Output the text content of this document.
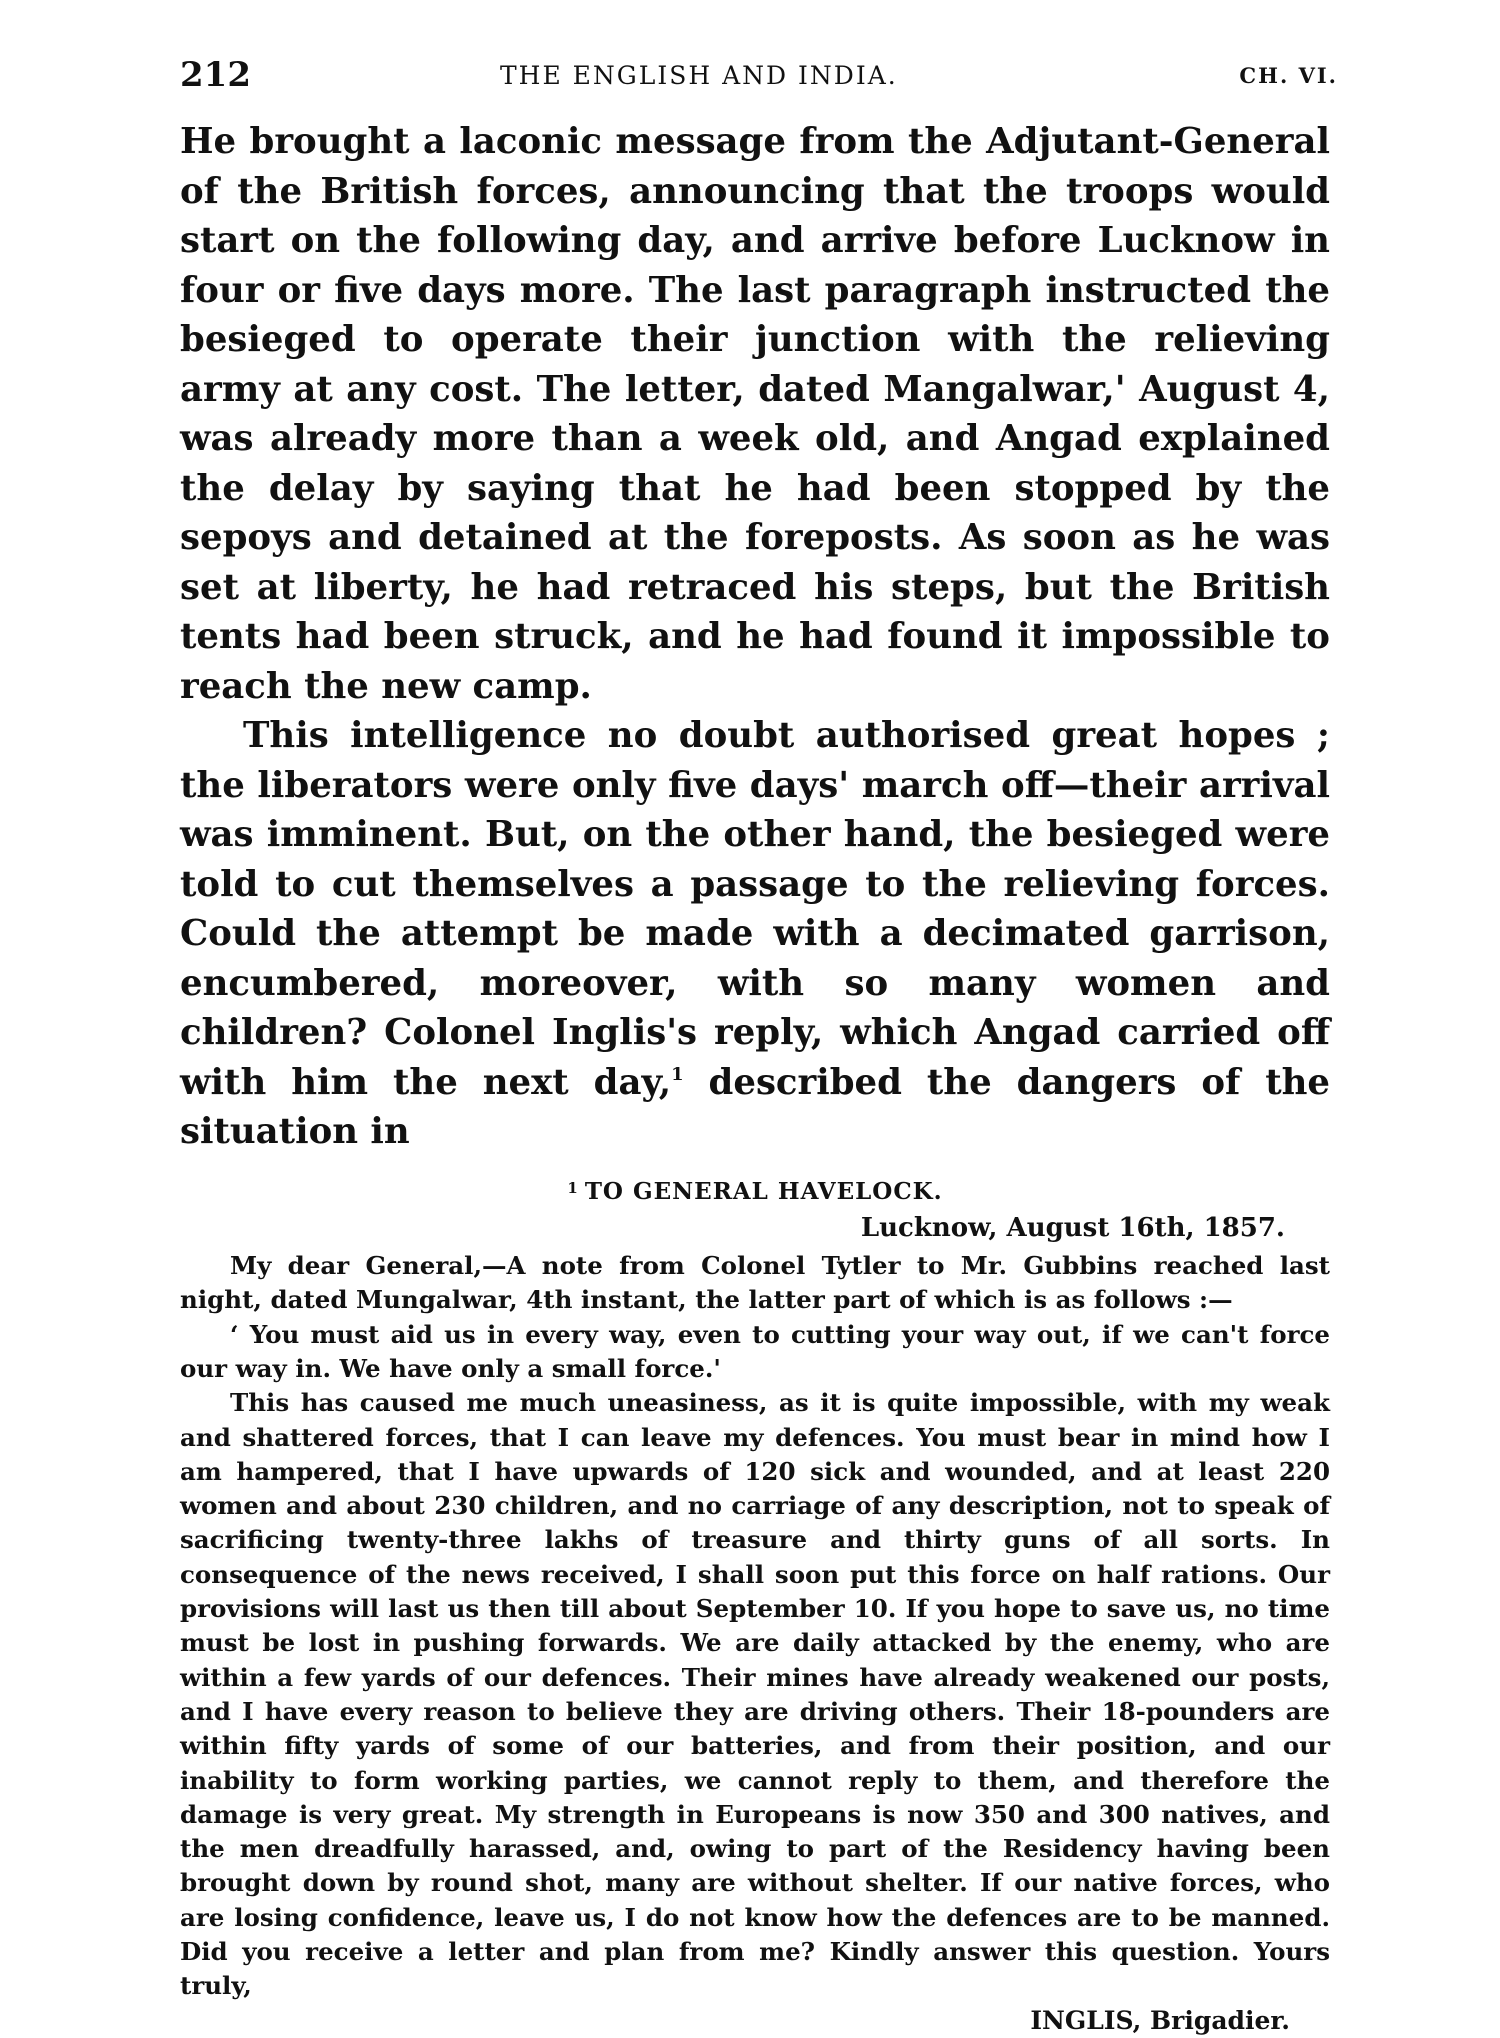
212	THE ENGLISH AND INDIA.	CH. VI.

He brought a laconic message from the Adjutant-General of the British forces, announcing that the troops would start on the following day, and arrive before Lucknow in four or five days more. The last paragraph instructed the besieged to operate their junction with the relieving army at any cost. The letter, dated Mangalwar,' August 4, was already more than a week old, and Angad explained the delay by saying that he had been stopped by the sepoys and detained at the foreposts. As soon as he was set at liberty, he had retraced his steps, but the British tents had been struck, and he had found it impossible to reach the new camp.

This intelligence no doubt authorised great hopes ; the liberators were only five days' march off—their arrival was imminent. But, on the other hand, the besieged were told to cut themselves a passage to the relieving forces. Could the attempt be made with a decimated garrison, encumbered, moreover, with so many women and children? Colonel Inglis's reply, which Angad carried off with him the next day,$^1$ described the dangers of the situation in

$^1$ TO GENERAL HAVELOCK.
Lucknow, August 16th, 1857.

My dear General,—A note from Colonel Tytler to Mr. Gubbins reached last night, dated Mungalwar, 4th instant, the latter part of which is as follows :—

‘ You must aid us in every way, even to cutting your way out, if we can't force our way in. We have only a small force.'

This has caused me much uneasiness, as it is quite impossible, with my weak and shattered forces, that I can leave my defences. You must bear in mind how I am hampered, that I have upwards of 120 sick and wounded, and at least 220 women and about 230 children, and no carriage of any description, not to speak of sacrificing twenty-three lakhs of treasure and thirty guns of all sorts. In consequence of the news received, I shall soon put this force on half rations. Our provisions will last us then till about September 10. If you hope to save us, no time must be lost in pushing forwards. We are daily attacked by the enemy, who are within a few yards of our defences. Their mines have already weakened our posts, and I have every reason to believe they are driving others. Their 18-pounders are within fifty yards of some of our batteries, and from their position, and our inability to form working parties, we cannot reply to them, and therefore the damage is very great. My strength in Europeans is now 350 and 300 natives, and the men dreadfully harassed, and, owing to part of the Residency having been brought down by round shot, many are without shelter. If our native forces, who are losing confidence, leave us, I do not know how the defences are to be manned. Did you receive a letter and plan from me? Kindly answer this question. Yours truly,

INGLIS, Brigadier.
